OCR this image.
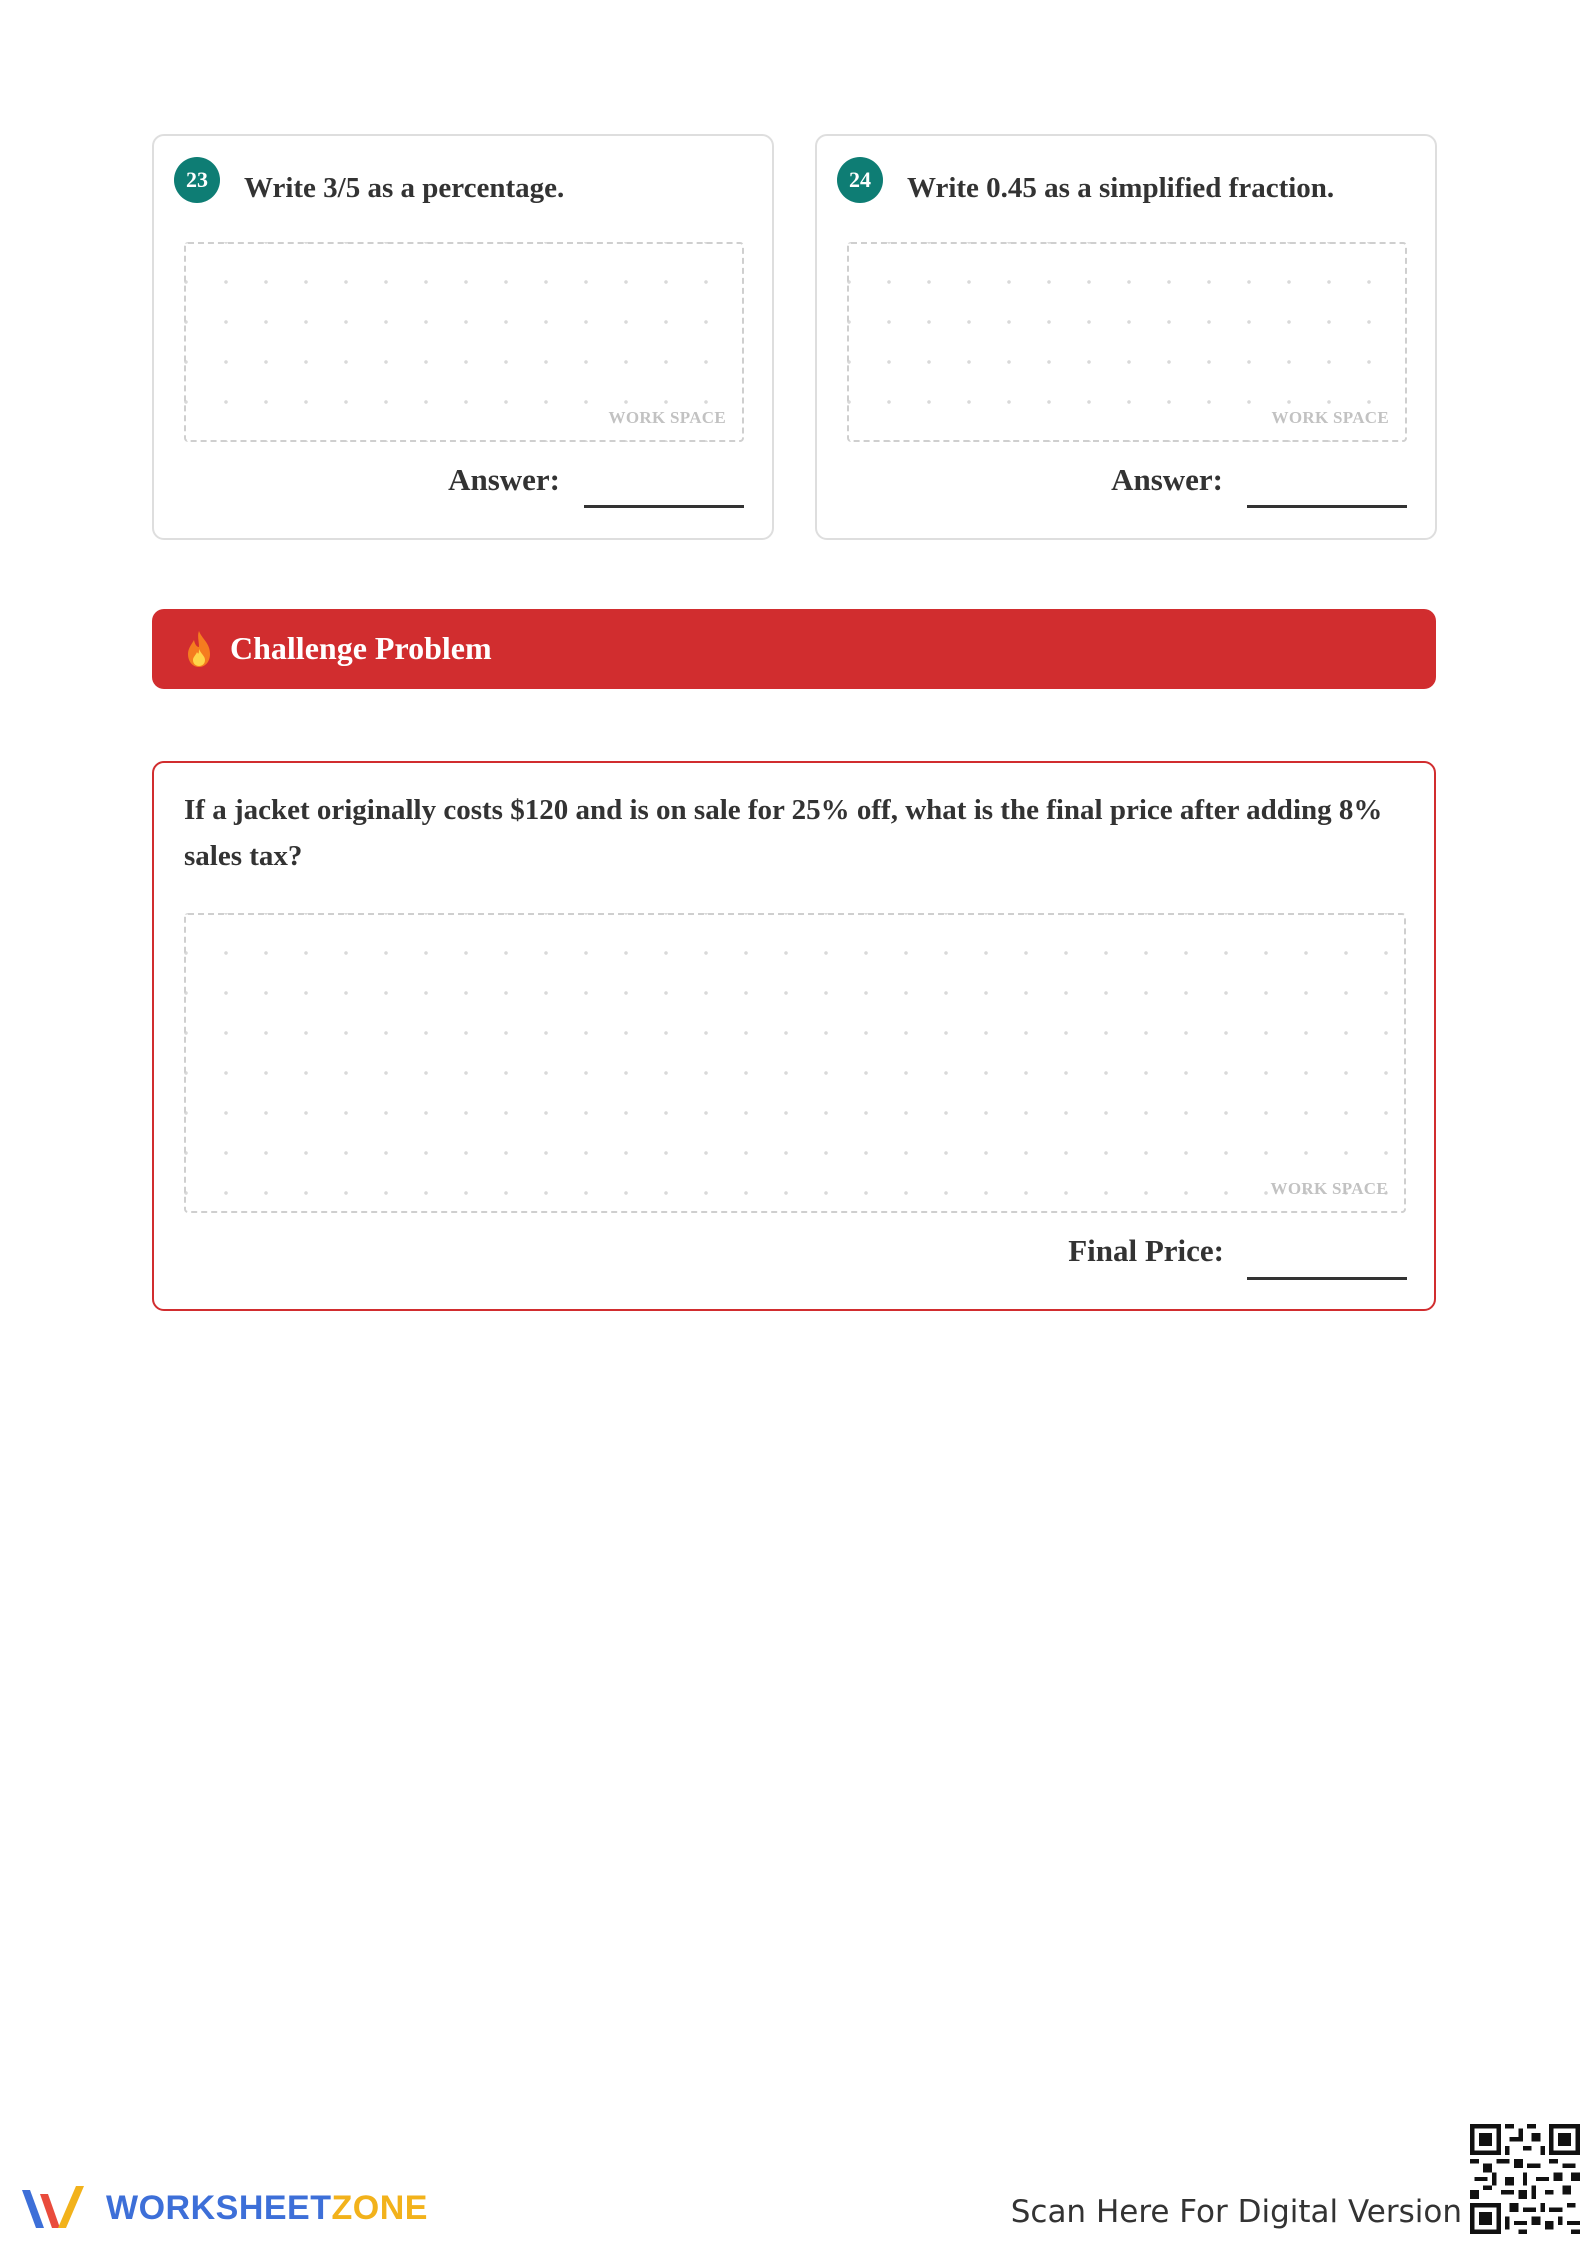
23	Write 3/5 as a percentage.
WORK SPACE
Answer:
24	Write 0.45 as a simplified fraction.
WORK SPACE
Answer:
Challenge Problem
If a jacket originally costs $120 and is on sale for 25% off, what is the final price after adding 8% sales tax?
WORK SPACE
Final Price:
WORKSHEETZONE	Scan Here For Digital Version
